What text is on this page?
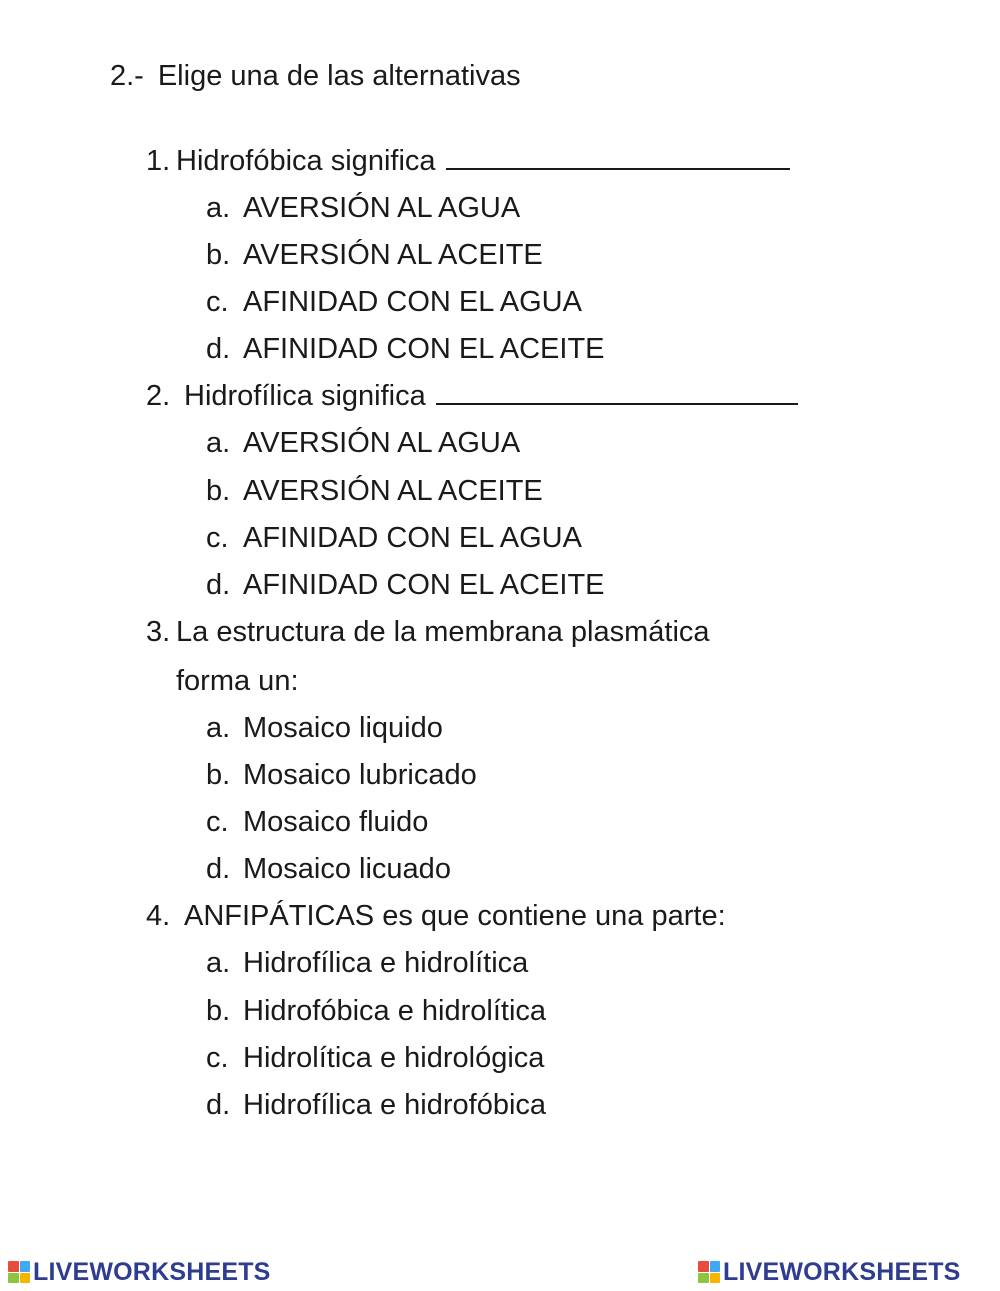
2.- Elige una de las alternativas
1. Hidrofóbica significa
a. AVERSIÓN AL AGUA
b. AVERSIÓN AL ACEITE
c. AFINIDAD CON EL AGUA
d. AFINIDAD CON EL ACEITE
2. Hidrofílica significa
a. AVERSIÓN AL AGUA
b. AVERSIÓN AL ACEITE
c. AFINIDAD CON EL AGUA
d. AFINIDAD CON EL ACEITE
3. La estructura de la membrana plasmática
forma un:
a. Mosaico liquido
b. Mosaico lubricado
c. Mosaico fluido
d. Mosaico licuado
4. ANFIPÁTICAS es que contiene una parte:
a. Hidrofílica e hidrolítica
b. Hidrofóbica e hidrolítica
c. Hidrolítica e hidrológica
d. Hidrofílica e hidrofóbica
LIVEWORKSHEETS	LIVEWORKSHEETS
